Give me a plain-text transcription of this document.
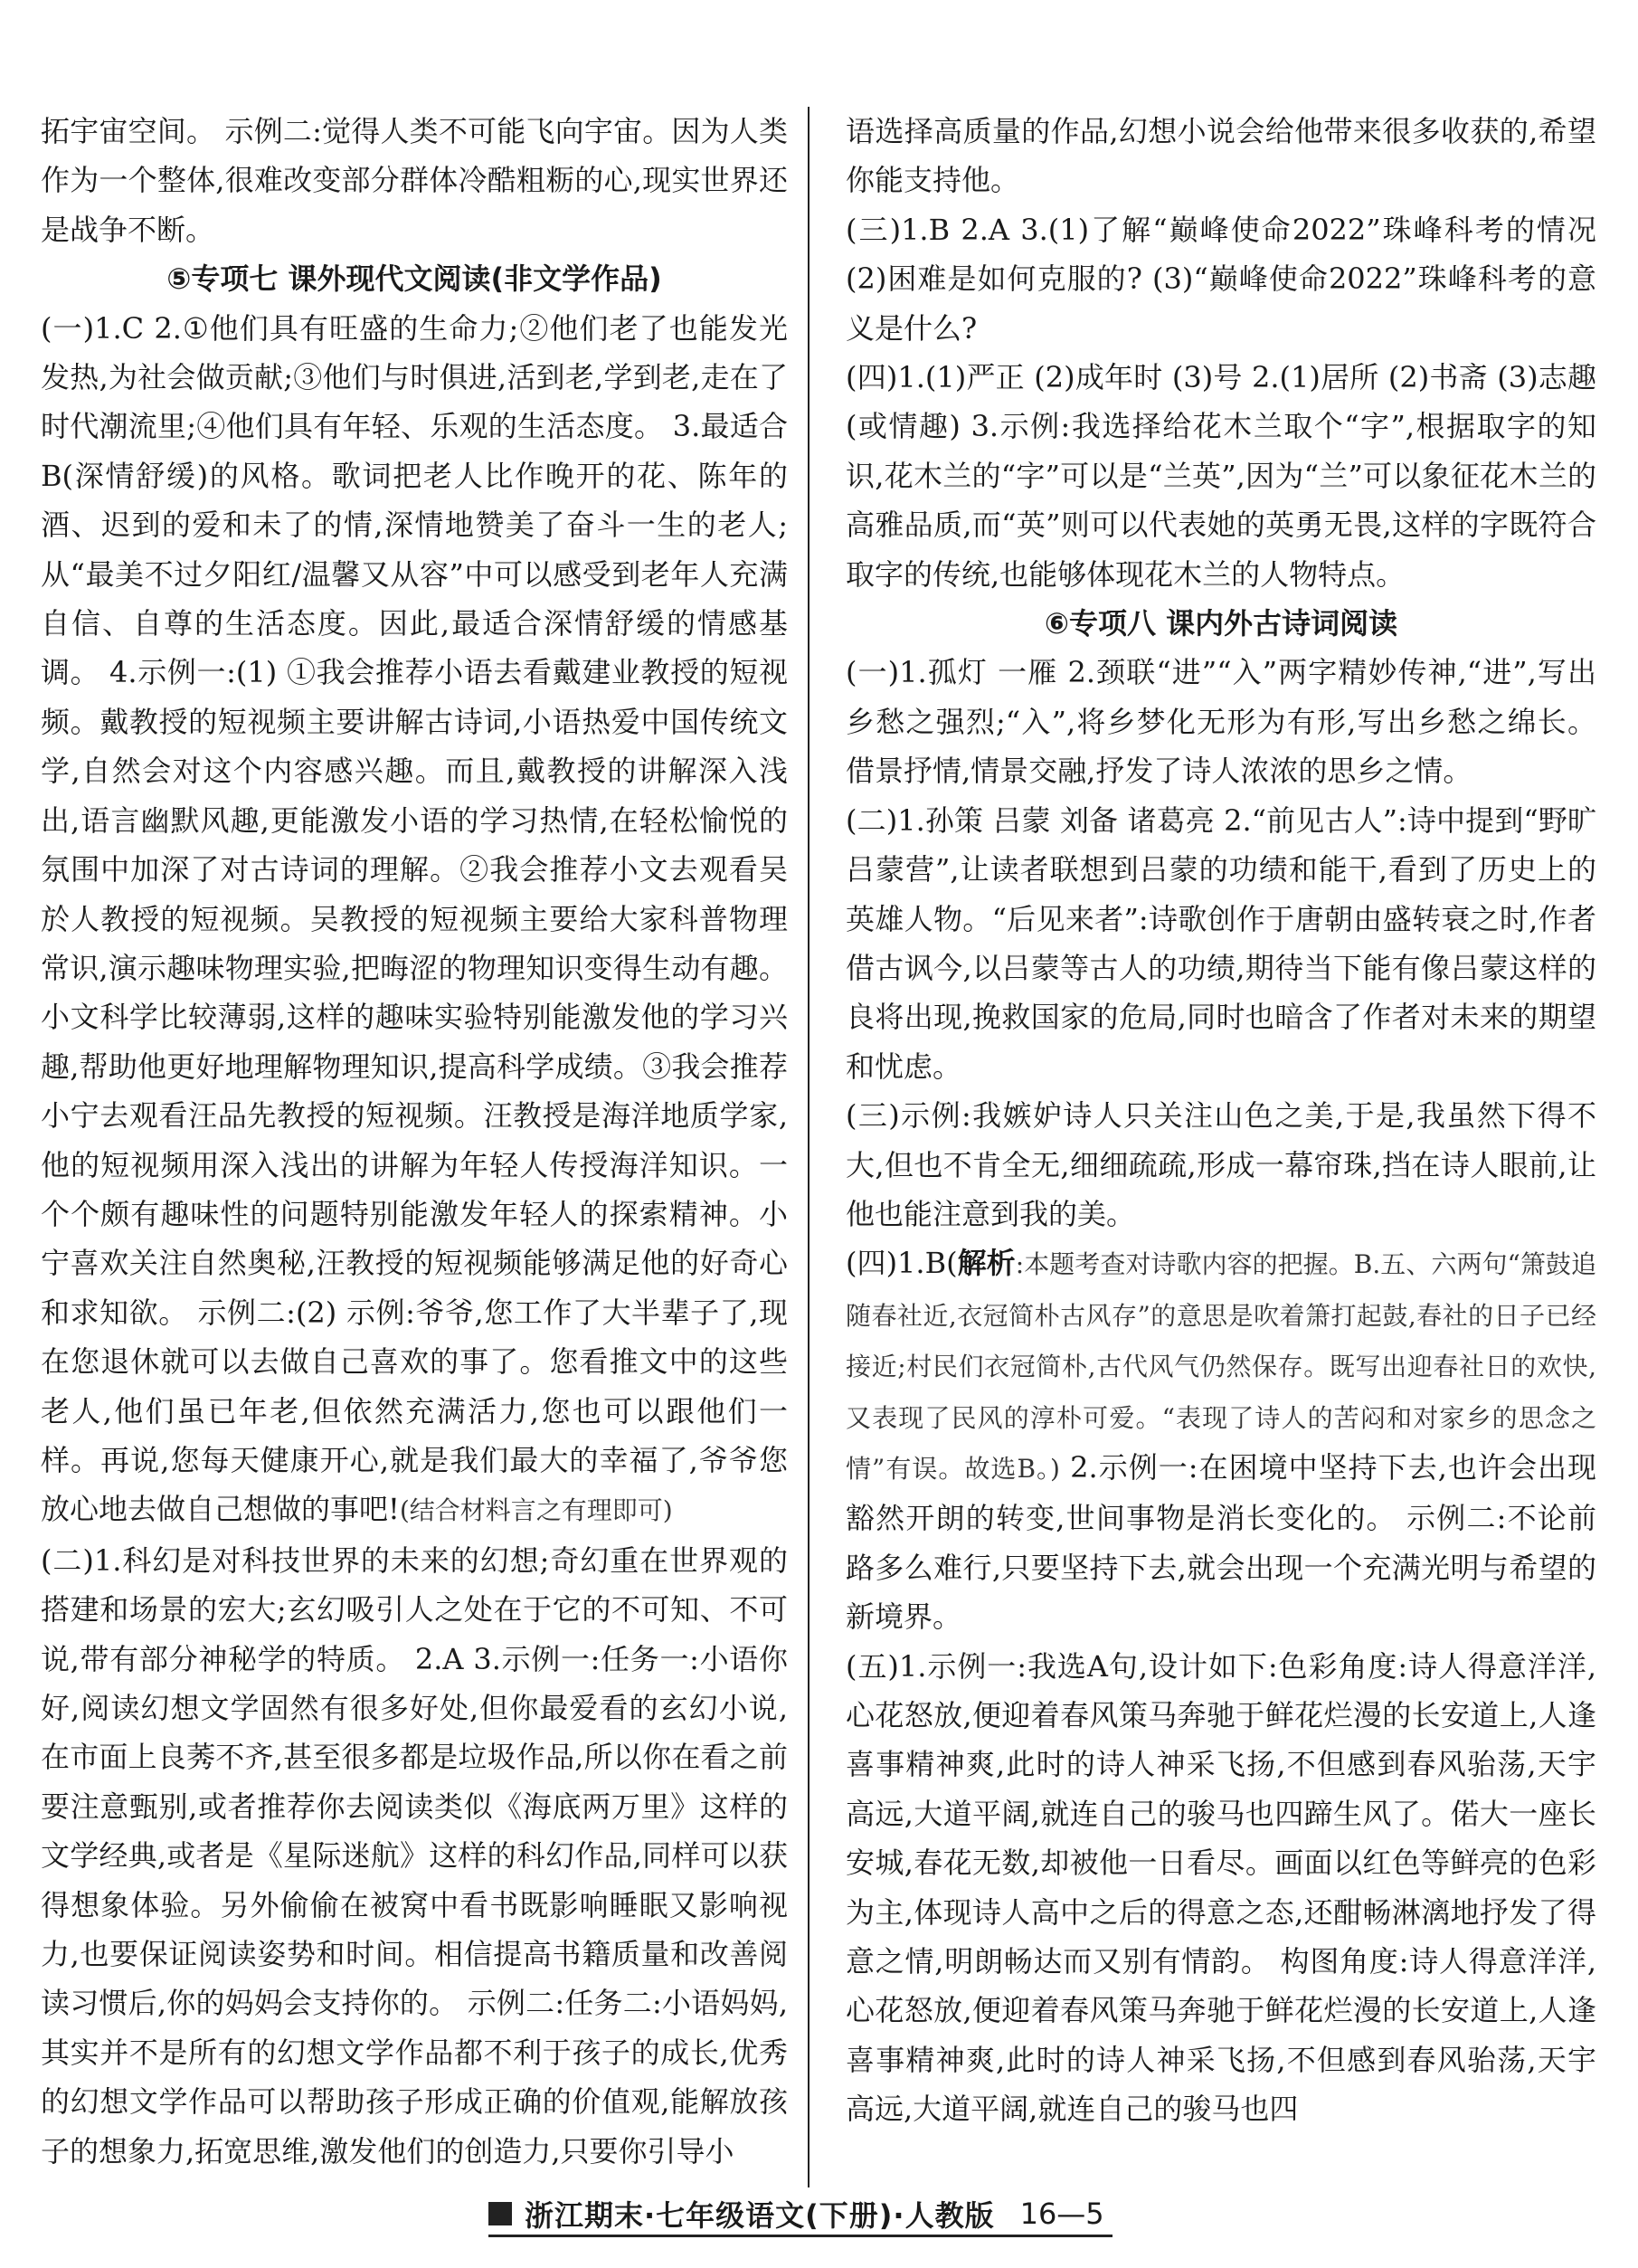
拓宇宙空间。 示例二:觉得人类不可能飞向宇宙。因为人类作为一个整体,很难改变部分群体冷酷粗粝的心,现实世界还是战争不断。

⑤专项七 课外现代文阅读(非文学作品)

(一)1.C 2.①他们具有旺盛的生命力;②他们老了也能发光发热,为社会做贡献;③他们与时俱进,活到老,学到老,走在了时代潮流里;④他们具有年轻、乐观的生活态度。 3.最适合B(深情舒缓)的风格。歌词把老人比作晚开的花、陈年的酒、迟到的爱和未了的情,深情地赞美了奋斗一生的老人;从“最美不过夕阳红/温馨又从容”中可以感受到老年人充满自信、自尊的生活态度。因此,最适合深情舒缓的情感基调。 4.示例一:(1) ①我会推荐小语去看戴建业教授的短视频。戴教授的短视频主要讲解古诗词,小语热爱中国传统文学,自然会对这个内容感兴趣。而且,戴教授的讲解深入浅出,语言幽默风趣,更能激发小语的学习热情,在轻松愉悦的氛围中加深了对古诗词的理解。②我会推荐小文去观看吴於人教授的短视频。吴教授的短视频主要给大家科普物理常识,演示趣味物理实验,把晦涩的物理知识变得生动有趣。小文科学比较薄弱,这样的趣味实验特别能激发他的学习兴趣,帮助他更好地理解物理知识,提高科学成绩。③我会推荐小宁去观看汪品先教授的短视频。汪教授是海洋地质学家,他的短视频用深入浅出的讲解为年轻人传授海洋知识。一个个颇有趣味性的问题特别能激发年轻人的探索精神。小宁喜欢关注自然奥秘,汪教授的短视频能够满足他的好奇心和求知欲。 示例二:(2) 示例:爷爷,您工作了大半辈子了,现在您退休就可以去做自己喜欢的事了。您看推文中的这些老人,他们虽已年老,但依然充满活力,您也可以跟他们一样。再说,您每天健康开心,就是我们最大的幸福了,爷爷您放心地去做自己想做的事吧!(结合材料言之有理即可)

(二)1.科幻是对科技世界的未来的幻想;奇幻重在世界观的搭建和场景的宏大;玄幻吸引人之处在于它的不可知、不可说,带有部分神秘学的特质。 2.A 3.示例一:任务一:小语你好,阅读幻想文学固然有很多好处,但你最爱看的玄幻小说,在市面上良莠不齐,甚至很多都是垃圾作品,所以你在看之前要注意甄别,或者推荐你去阅读类似《海底两万里》这样的文学经典,或者是《星际迷航》这样的科幻作品,同样可以获得想象体验。另外偷偷在被窝中看书既影响睡眠又影响视力,也要保证阅读姿势和时间。相信提高书籍质量和改善阅读习惯后,你的妈妈会支持你的。 示例二:任务二:小语妈妈,其实并不是所有的幻想文学作品都不利于孩子的成长,优秀的幻想文学作品可以帮助孩子形成正确的价值观,能解放孩子的想象力,拓宽思维,激发他们的创造力,只要你引导小

语选择高质量的作品,幻想小说会给他带来很多收获的,希望你能支持他。

(三)1.B 2.A 3.(1)了解“巅峰使命2022”珠峰科考的情况 (2)困难是如何克服的? (3)“巅峰使命2022”珠峰科考的意义是什么?

(四)1.(1)严正 (2)成年时 (3)号 2.(1)居所 (2)书斋 (3)志趣(或情趣) 3.示例:我选择给花木兰取个“字”,根据取字的知识,花木兰的“字”可以是“兰英”,因为“兰”可以象征花木兰的高雅品质,而“英”则可以代表她的英勇无畏,这样的字既符合取字的传统,也能够体现花木兰的人物特点。

⑥专项八 课内外古诗词阅读

(一)1.孤灯 一雁 2.颈联“进”“入”两字精妙传神,“进”,写出乡愁之强烈;“入”,将乡梦化无形为有形,写出乡愁之绵长。借景抒情,情景交融,抒发了诗人浓浓的思乡之情。

(二)1.孙策 吕蒙 刘备 诸葛亮 2.“前见古人”:诗中提到“野旷吕蒙营”,让读者联想到吕蒙的功绩和能干,看到了历史上的英雄人物。“后见来者”:诗歌创作于唐朝由盛转衰之时,作者借古讽今,以吕蒙等古人的功绩,期待当下能有像吕蒙这样的良将出现,挽救国家的危局,同时也暗含了作者对未来的期望和忧虑。

(三)示例:我嫉妒诗人只关注山色之美,于是,我虽然下得不大,但也不肯全无,细细疏疏,形成一幕帘珠,挡在诗人眼前,让他也能注意到我的美。

(四)1.B(解析:本题考查对诗歌内容的把握。B.五、六两句“箫鼓追随春社近,衣冠简朴古风存”的意思是吹着箫打起鼓,春社的日子已经接近;村民们衣冠简朴,古代风气仍然保存。既写出迎春社日的欢快,又表现了民风的淳朴可爱。“表现了诗人的苦闷和对家乡的思念之情”有误。故选B。) 2.示例一:在困境中坚持下去,也许会出现豁然开朗的转变,世间事物是消长变化的。 示例二:不论前路多么难行,只要坚持下去,就会出现一个充满光明与希望的新境界。

(五)1.示例一:我选A句,设计如下:色彩角度:诗人得意洋洋,心花怒放,便迎着春风策马奔驰于鲜花烂漫的长安道上,人逢喜事精神爽,此时的诗人神采飞扬,不但感到春风骀荡,天宇高远,大道平阔,就连自己的骏马也四蹄生风了。偌大一座长安城,春花无数,却被他一日看尽。画面以红色等鲜亮的色彩为主,体现诗人高中之后的得意之态,还酣畅淋漓地抒发了得意之情,明朗畅达而又别有情韵。 构图角度:诗人得意洋洋,心花怒放,便迎着春风策马奔驰于鲜花烂漫的长安道上,人逢喜事精神爽,此时的诗人神采飞扬,不但感到春风骀荡,天宇高远,大道平阔,就连自己的骏马也四

浙江期末·七年级语文(下册)·人教版 16—5
